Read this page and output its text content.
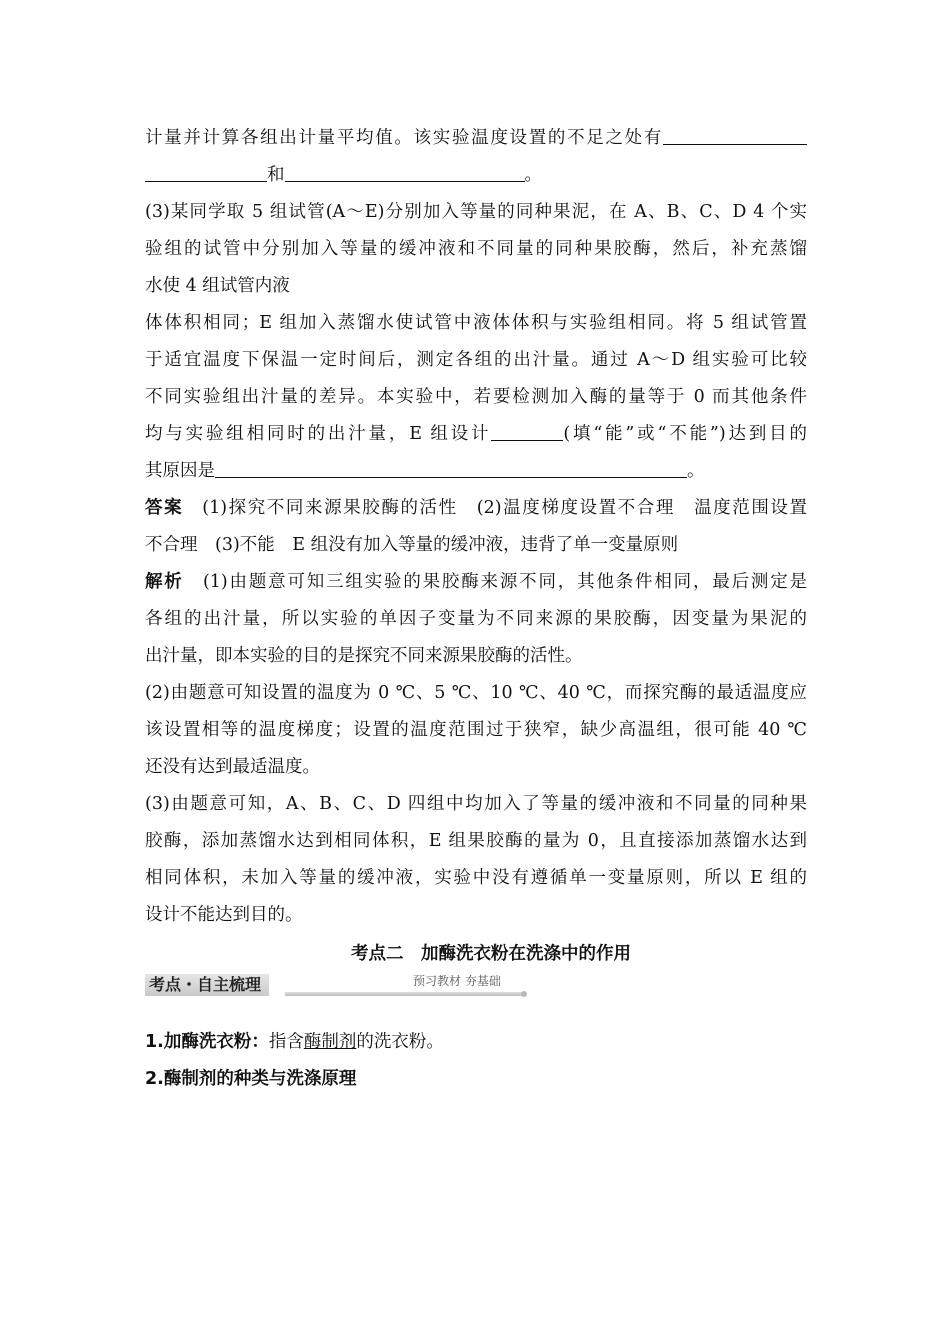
计量并计算各组出计量平均值。该实验温度设置的不足之处有
和	。
(3)某同学取 5 组试管(A～E)分别加入等量的同种果泥，在 A、B、C、D 4 个实
验组的试管中分别加入等量的缓冲液和不同量的同种果胶酶，然后，补充蒸馏
水使 4 组试管内液
体体积相同；E 组加入蒸馏水使试管中液体体积与实验组相同。将 5 组试管置
于适宜温度下保温一定时间后，测定各组的出汁量。通过 A～D 组实验可比较
不同实验组出汁量的差异。本实验中，若要检测加入酶的量等于 0 而其他条件
均与实验组相同时的出汁量，E 组设计	(填“能”或“不能”)达到目的
其原因是	。
答案　 (1)探究不同来源果胶酶的活性　(2)温度梯度设置不合理　温度范围设置
不合理　(3)不能　E 组没有加入等量的缓冲液，违背了单一变量原则
解析　 (1)由题意可知三组实验的果胶酶来源不同，其他条件相同，最后测定是
各组的出汁量，所以实验的单因子变量为不同来源的果胶酶，因变量为果泥的
出汁量，即本实验的目的是探究不同来源果胶酶的活性。
(2)由题意可知设置的温度为 0 ℃、5 ℃、10 ℃、40 ℃，而探究酶的最适温度应
该设置相等的温度梯度；设置的温度范围过于狭窄，缺少高温组，很可能 40 ℃
还没有达到最适温度。
(3)由题意可知，A、B、C、D 四组中均加入了等量的缓冲液和不同量的同种果
胶酶，添加蒸馏水达到相同体积，E 组果胶酶的量为 0，且直接添加蒸馏水达到
相同体积，未加入等量的缓冲液，实验中没有遵循单一变量原则，所以 E 组的
设计不能达到目的。
考点二　加酶洗衣粉在洗涤中的作用
考点・自主梳理	预习教材 夯基础
1.加酶洗衣粉：指含酶制剂的洗衣粉。
2.酶制剂的种类与洗涤原理
